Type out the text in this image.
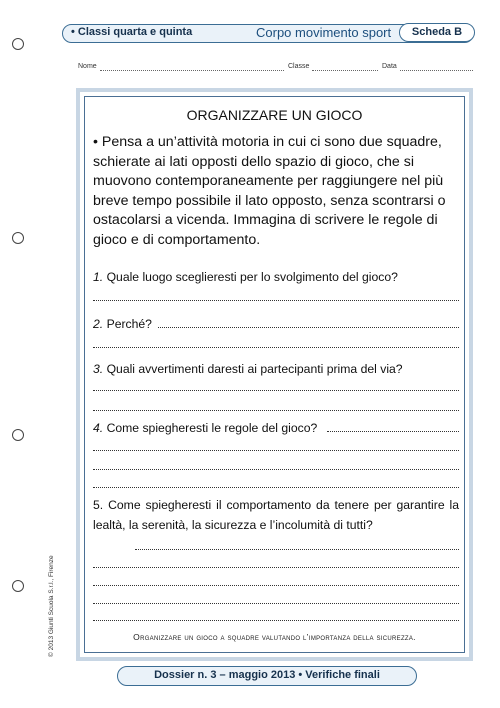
• Classi quarta e quinta	Corpo movimento sport	Scheda B
Nome	Classe	Data
ORGANIZZARE UN GIOCO
• Pensa a un’attività motoria in cui ci sono due squadre, schierate ai lati opposti dello spazio di gioco, che si muovono contemporaneamente per raggiungere nel più breve tempo possibile il lato opposto, senza scontrarsi o ostacolarsi a vicenda. Immagina di scrivere le regole di gioco e di comportamento.
1. Quale luogo sceglieresti per lo svolgimento del gioco?
2.
Perché?
3. Quali avvertimenti daresti ai partecipanti prima del via?
4.
Come spiegheresti le regole del gioco?
5. Come spiegheresti il comportamento da tenere per garantire la lealtà, la serenità, la sicurezza e l’incolumità di tutti?
Organizzare un gioco a squadre valutando l’importanza della sicurezza.
Dossier n. 3 – maggio 2013 • Verifiche finali
© 2013 Giunti Scuola S.r.l., Firenze
